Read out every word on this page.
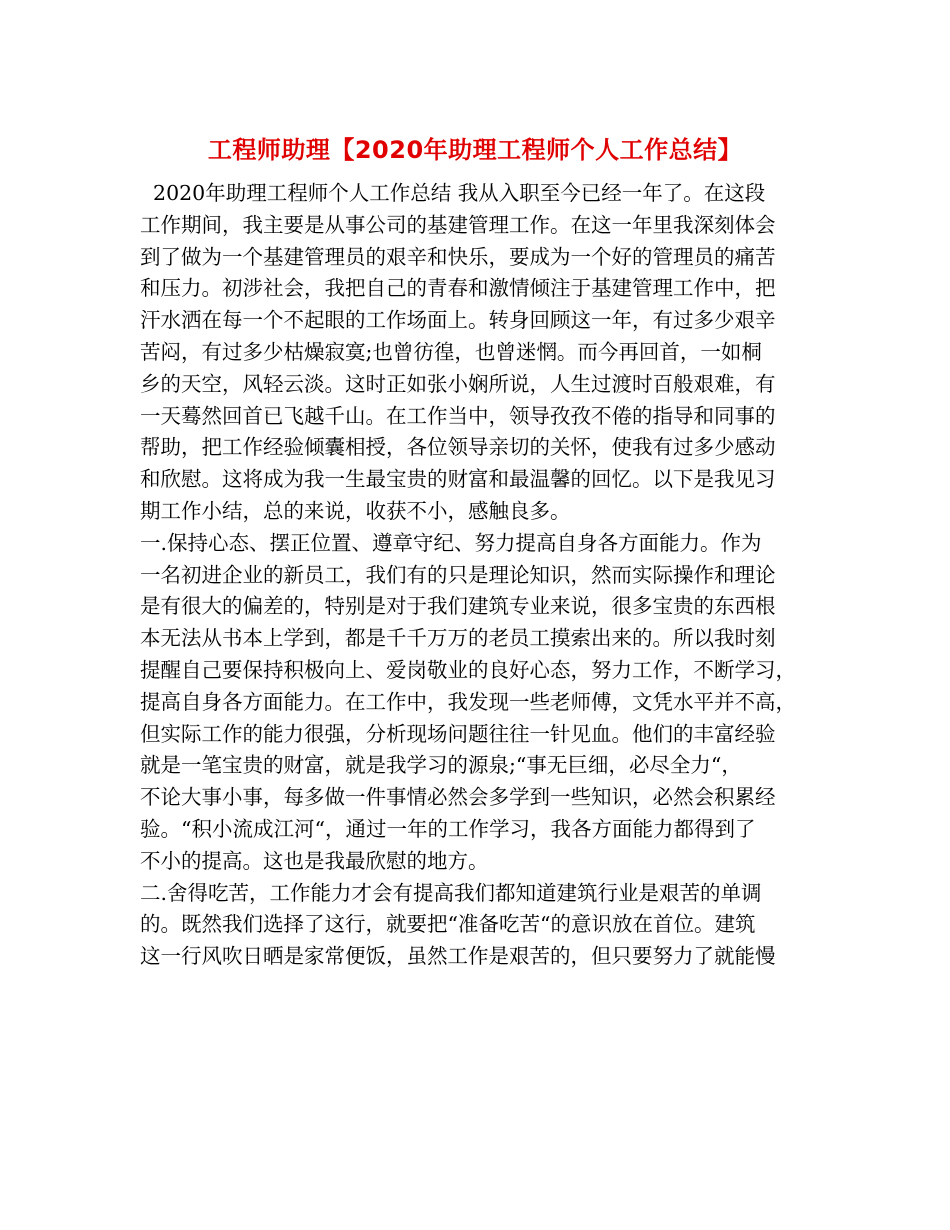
工程师助理【2020年助理工程师个人工作总结】
2020年助理工程师个人工作总结 我从入职至今已经一年了。在这段
工作期间，我主要是从事公司的基建管理工作。在这一年里我深刻体会
到了做为一个基建管理员的艰辛和快乐，要成为一个好的管理员的痛苦
和压力。初涉社会，我把自己的青春和激情倾注于基建管理工作中，把
汗水洒在每一个不起眼的工作场面上。转身回顾这一年，有过多少艰辛
苦闷，有过多少枯燥寂寞;也曾彷徨，也曾迷惘。而今再回首，一如桐
乡的天空，风轻云淡。这时正如张小娴所说，人生过渡时百般艰难，有
一天蓦然回首已飞越千山。在工作当中，领导孜孜不倦的指导和同事的
帮助，把工作经验倾囊相授，各位领导亲切的关怀，使我有过多少感动
和欣慰。这将成为我一生最宝贵的财富和最温馨的回忆。以下是我见习
期工作小结，总的来说，收获不小，感触良多。
一.保持心态、摆正位置、遵章守纪、努力提高自身各方面能力。作为
一名初进企业的新员工，我们有的只是理论知识，然而实际操作和理论
是有很大的偏差的，特别是对于我们建筑专业来说，很多宝贵的东西根
本无法从书本上学到，都是千千万万的老员工摸索出来的。所以我时刻
提醒自己要保持积极向上、爱岗敬业的良好心态，努力工作，不断学习，
提高自身各方面能力。在工作中，我发现一些老师傅，文凭水平并不高，
但实际工作的能力很强，分析现场问题往往一针见血。他们的丰富经验
就是一笔宝贵的财富，就是我学习的源泉;“事无巨细，必尽全力“，
不论大事小事，每多做一件事情必然会多学到一些知识，必然会积累经
验。“积小流成江河“，通过一年的工作学习，我各方面能力都得到了
不小的提高。这也是我最欣慰的地方。
二.舍得吃苦，工作能力才会有提高我们都知道建筑行业是艰苦的单调
的。既然我们选择了这行，就要把“准备吃苦“的意识放在首位。建筑
这一行风吹日晒是家常便饭，虽然工作是艰苦的，但只要努力了就能慢
